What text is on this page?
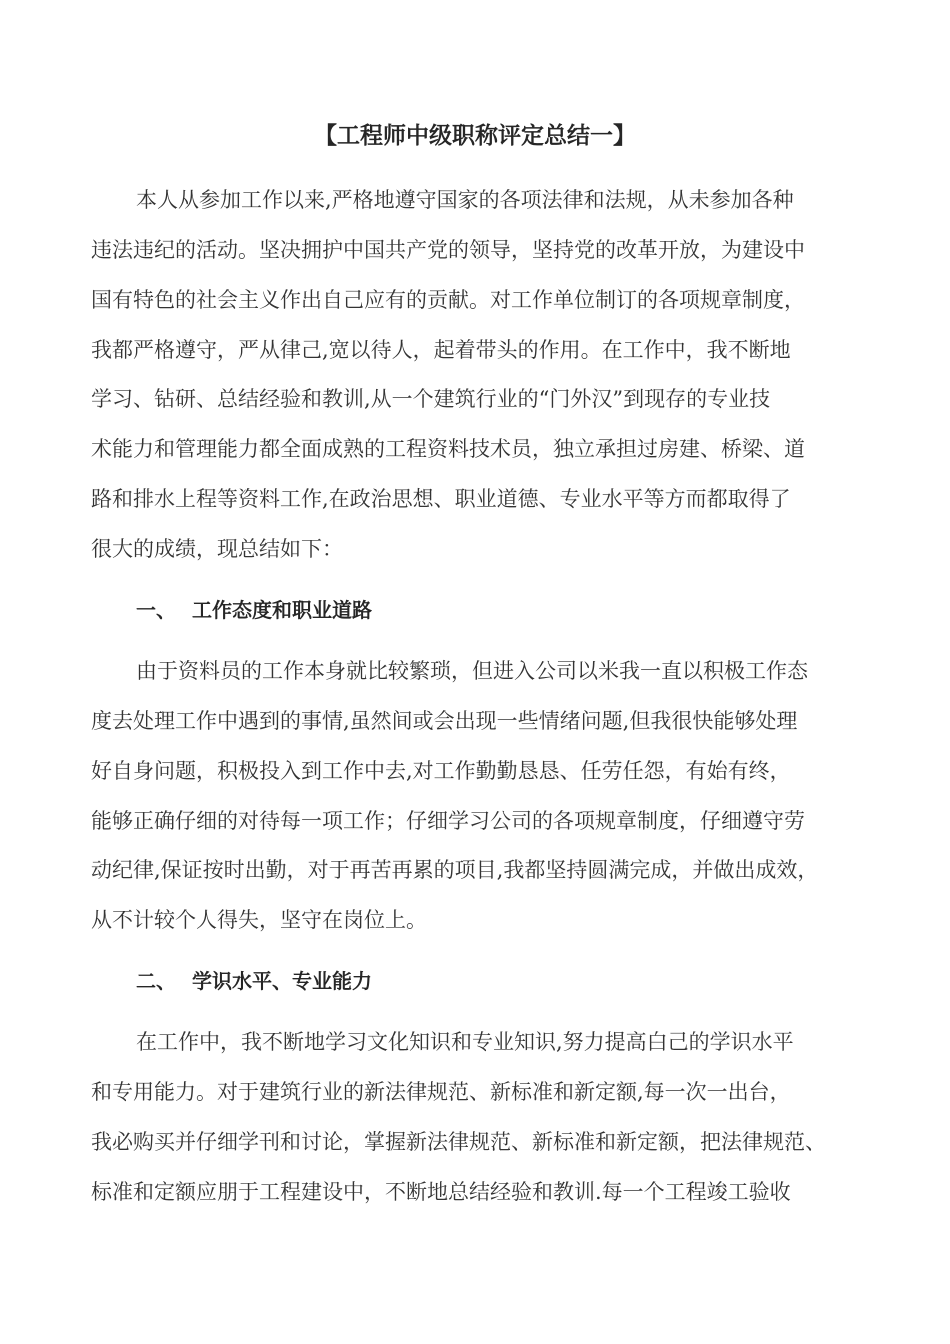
【工程师中级职称评定总结一】

本人从参加工作以来,严格地遵守国家的各项法律和法规，从未参加各种

违法违纪的活动。坚决拥护中国共产党的领导，坚持党的改革开放，为建设中

国有特色的社会主义作出自己应有的贡献。对工作单位制订的各项规章制度，

我都严格遵守，严从律己,宽以待人，起着带头的作用。在工作中，我不断地

学习、钻研、总结经验和教训,从一个建筑行业的“门外汉”到现存的专业技

术能力和管理能力都全面成熟的工程资料技术员，独立承担过房建、桥梁、道

路和排水上程等资料工作,在政治思想、职业道德、专业水平等方而都取得了

很大的成绩，现总结如下：

一、 工作态度和职业道路

由于资料员的工作本身就比较繁琐，但进入公司以米我一直以积极工作态

度去处理工作中遇到的事情,虽然间或会出现一些情绪问题,但我很快能够处理

好自身问题，积极投入到工作中去,对工作勤勤恳恳、任劳任怨，有始有终，

能够正确仔细的对待每一项工作；仔细学习公司的各项规章制度，仔细遵守劳

动纪律,保证按时出勤，对于再苦再累的项目,我都坚持圆满完成，并做出成效，

从不计较个人得失，坚守在岗位上。

二、 学识水平、专业能力

在工作中，我不断地学习文化知识和专业知识,努力提高白己的学识水平

和专用能力。对于建筑行业的新法律规范、新标准和新定额,每一次一出台，

我必购买并仔细学刊和讨论，掌握新法律规范、新标准和新定额，把法律规范、

标准和定额应朋于工程建设中，不断地总结经验和教训.每一个工程竣工验收
